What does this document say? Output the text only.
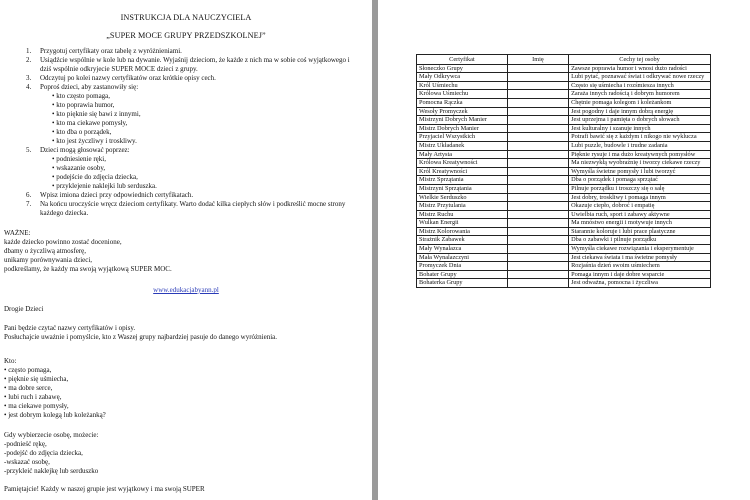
INSTRUKCJA DLA NAUCZYCIELA
„SUPER MOCE GRUPY PRZEDSZKOLNEJ”
1. Przygotuj certyfikaty oraz tabelę z wyróżnieniami.
2. Usiądźcie wspólnie w kole lub na dywanie. Wyjaśnij dzieciom, że każde z nich ma w sobie coś wyjątkowego i dziś wspólnie odkryjecie SUPER MOCE dzieci z grupy.
3. Odczytuj po kolei nazwy certyfikatów oraz krótkie opisy cech.
4. Poproś dzieci, aby zastanowiły się:
• kto często pomaga,
• kto poprawia humor,
• kto pięknie się bawi z innymi,
• kto ma ciekawe pomysły,
• kto dba o porządek,
• kto jest życzliwy i troskliwy.
5. Dzieci mogą głosować poprzez:
• podniesienie ręki,
• wskazanie osoby,
• podejście do zdjęcia dziecka,
• przyklejenie naklejki lub serduszka.
6. Wpisz imiona dzieci przy odpowiednich certyfikatach.
7. Na końcu uroczyście wręcz dzieciom certyfikaty. Warto dodać kilka ciepłych słów i podkreślić mocne strony każdego dziecka.

WAŻNE:

każde dziecko powinno zostać docenione,

dbamy o życzliwą atmosferę,

unikamy porównywania dzieci,

podkreślamy, że każdy ma swoją wyjątkową SUPER MOC.

www.edukacjabyann.pl
Drogie Dzieci

Pani będzie czytać nazwy certyfikatów i opisy.

Posłuchajcie uważnie i pomyślcie, kto z Waszej grupy najbardziej pasuje do danego wyróżnienia.

Kto:

• często pomaga,

• pięknie się uśmiecha,

• ma dobre serce,

• lubi ruch i zabawę,

• ma ciekawe pomysły,

• jest dobrym kolegą lub koleżanką?

Gdy wybierzecie osobę, możecie:

-podnieść rękę,

-podejść do zdjęcia dziecka,

-wskazać osobę,

-przykleić naklejkę lub serduszko

Pamiętajcie! Każdy w naszej grupie jest wyjątkowy i ma swoją SUPER
Certyfikat	Imię	Cechy tej osoby
Słoneczko Grupy		Zawsze poprawia humor i wnosi dużo radości
Mały Odkrywca		Lubi pytać, poznawać świat i odkrywać nowe rzeczy
Król Uśmiechu		Często się uśmiecha i rozśmiesza innych
Królowa Uśmiechu		Zaraża innych radością i dobrym humorem
Pomocna Rączka		Chętnie pomaga kolegom i koleżankom
Wesoły Promyczek		Jest pogodny i daje innym dobrą energię
Mistrzyni Dobrych Manier		Jest uprzejma i pamięta o dobrych słowach
Mistrz Dobrych Manier		Jest kulturalny i szanuje innych
Przyjaciel Wszystkich		Potrafi bawić się z każdym i nikogo nie wyklucza
Mistrz Układanek		Lubi puzzle, budowle i trudne zadania
Mały Artysta		Pięknie rysuje i ma dużo kreatywnych pomysłów
Królowa Kreatywności		Ma niezwykłą wyobraźnię i tworzy ciekawe rzeczy
Król Kreatywności		Wymyśla świetne pomysły i lubi tworzyć
Mistrz Sprzątania		Dba o porządek i pomaga sprzątać
Mistrzyni Sprzątania		Pilnuje porządku i troszczy się o salę
Wielkie Serduszko		Jest dobry, troskliwy i pomaga innym
Mistrz Przytulania		Okazuje ciepło, dobroć i empatię
Mistrz Ruchu		Uwielbia ruch, sport i zabawy aktywne
Wulkan Energii		Ma mnóstwo energii i motywuje innych
Mistrz Kolorowania		Starannie koloruje i lubi prace plastyczne
Strażnik Zabawek		Dba o zabawki i pilnuje porządku
Mały Wynalazca		Wymyśla ciekawe rozwiązania i eksperymentuje
Mała Wynalazczyni		Jest ciekawa świata i ma świetne pomysły
Promyczek Dnia		Rozjaśnia dzień swoim uśmiechem
Bohater Grupy		Pomaga innym i daje dobre wsparcie
Bohaterka Grupy		Jest odważna, pomocna i życzliwa
